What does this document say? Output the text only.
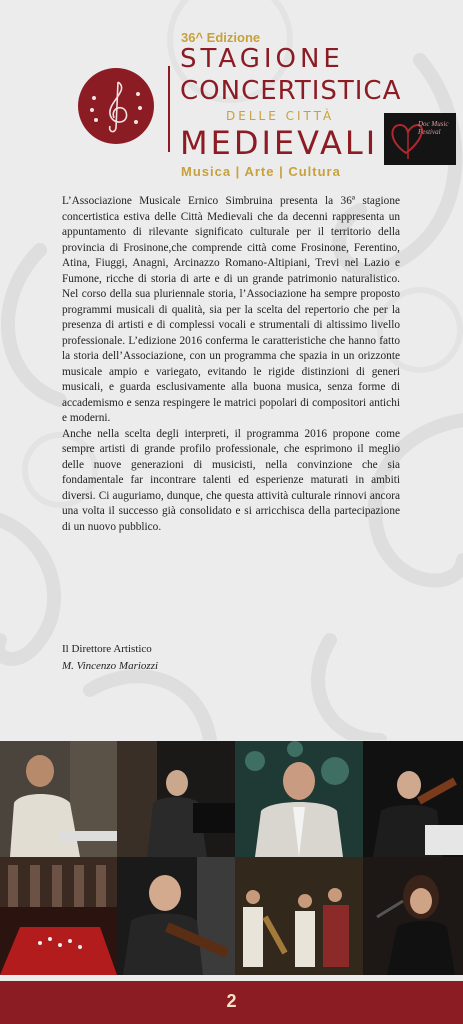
36^ Edizione
STAGIONE
CONCERTISTICA
DELLE CITTÀ
MEDIEVALI
Musica | Arte | Cultura
Doc Music Festival

L’Associazione Musicale Ernico Simbruina presenta la 36ª stagione concertistica estiva delle Città Medievali che da decenni rappresenta un appuntamento di rilevante significato culturale per il territorio della provincia di Frosinone,che comprende città come Frosinone, Ferentino, Atina, Fiuggi, Anagni, Arcinazzo Romano-Altipiani, Trevi nel Lazio e Fumone, ricche di storia di arte e di un grande patrimonio naturalistico. Nel corso della sua pluriennale storia, l’Associazione ha sempre proposto programmi musicali di qualità, sia per la scelta del repertorio che per la presenza di artisti e di complessi vocali e strumentali di altissimo livello professionale. L’edizione 2016 conferma le caratteristiche che hanno fatto la storia dell’Associazione, con un programma che spazia in un orizzonte musicale ampio e variegato, evitando le rigide distinzioni di generi musicali, e guarda esclusivamente alla buona musica, senza forme di accademismo e senza respingere le matrici popolari di compositori antichi e moderni.

Anche nella scelta degli interpreti, il programma 2016 propone come sempre artisti di grande profilo professionale, che esprimono il meglio delle nuove generazioni di musicisti, nella convinzione che sia fondamentale far incontrare talenti ed esperienze maturati in ambiti diversi. Ci auguriamo, dunque, che questa attività culturale rinnovi ancora una volta il successo già consolidato e si arricchisca della partecipazione di un nuovo pubblico.

Il Direttore Artistico
M. Vincenzo Mariozzi
2
